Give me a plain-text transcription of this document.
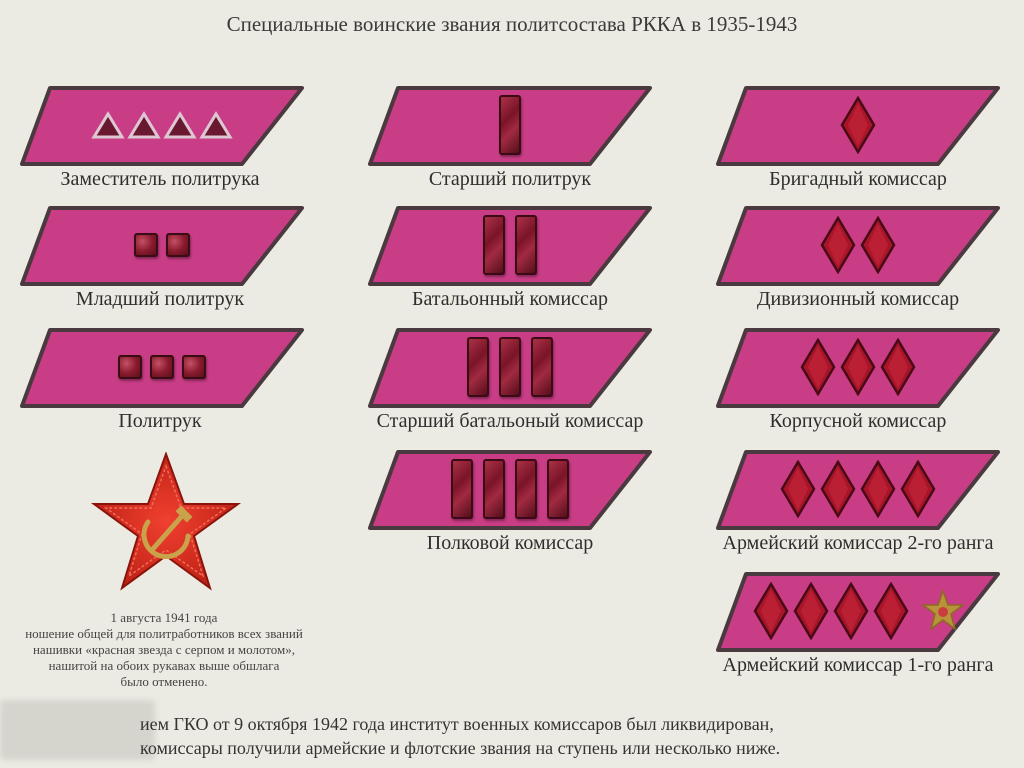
Специальные воинские звания политсостава РККА в 1935-1943
Заместитель политрука
Младший политрук
Политрук
Старший политрук
Батальонный комиссар
Старший батальоный комиссар
Полковой комиссар
Бригадный комиссар
Дивизионный комиссар
Корпусной комиссар
Армейский комиссар 2-го ранга
Армейский комиссар 1-го ранга
1 августа 1941 года
ношение общей для политработников всех званий
нашивки «красная звезда с серпом и молотом»,
нашитой на обоих рукавах выше обшлага
было отменено.
ием ГКО от 9 октября 1942 года институт военных комиссаров был ликвидирован,
комиссары получили армейские и флотские звания на ступень или несколько ниже.
